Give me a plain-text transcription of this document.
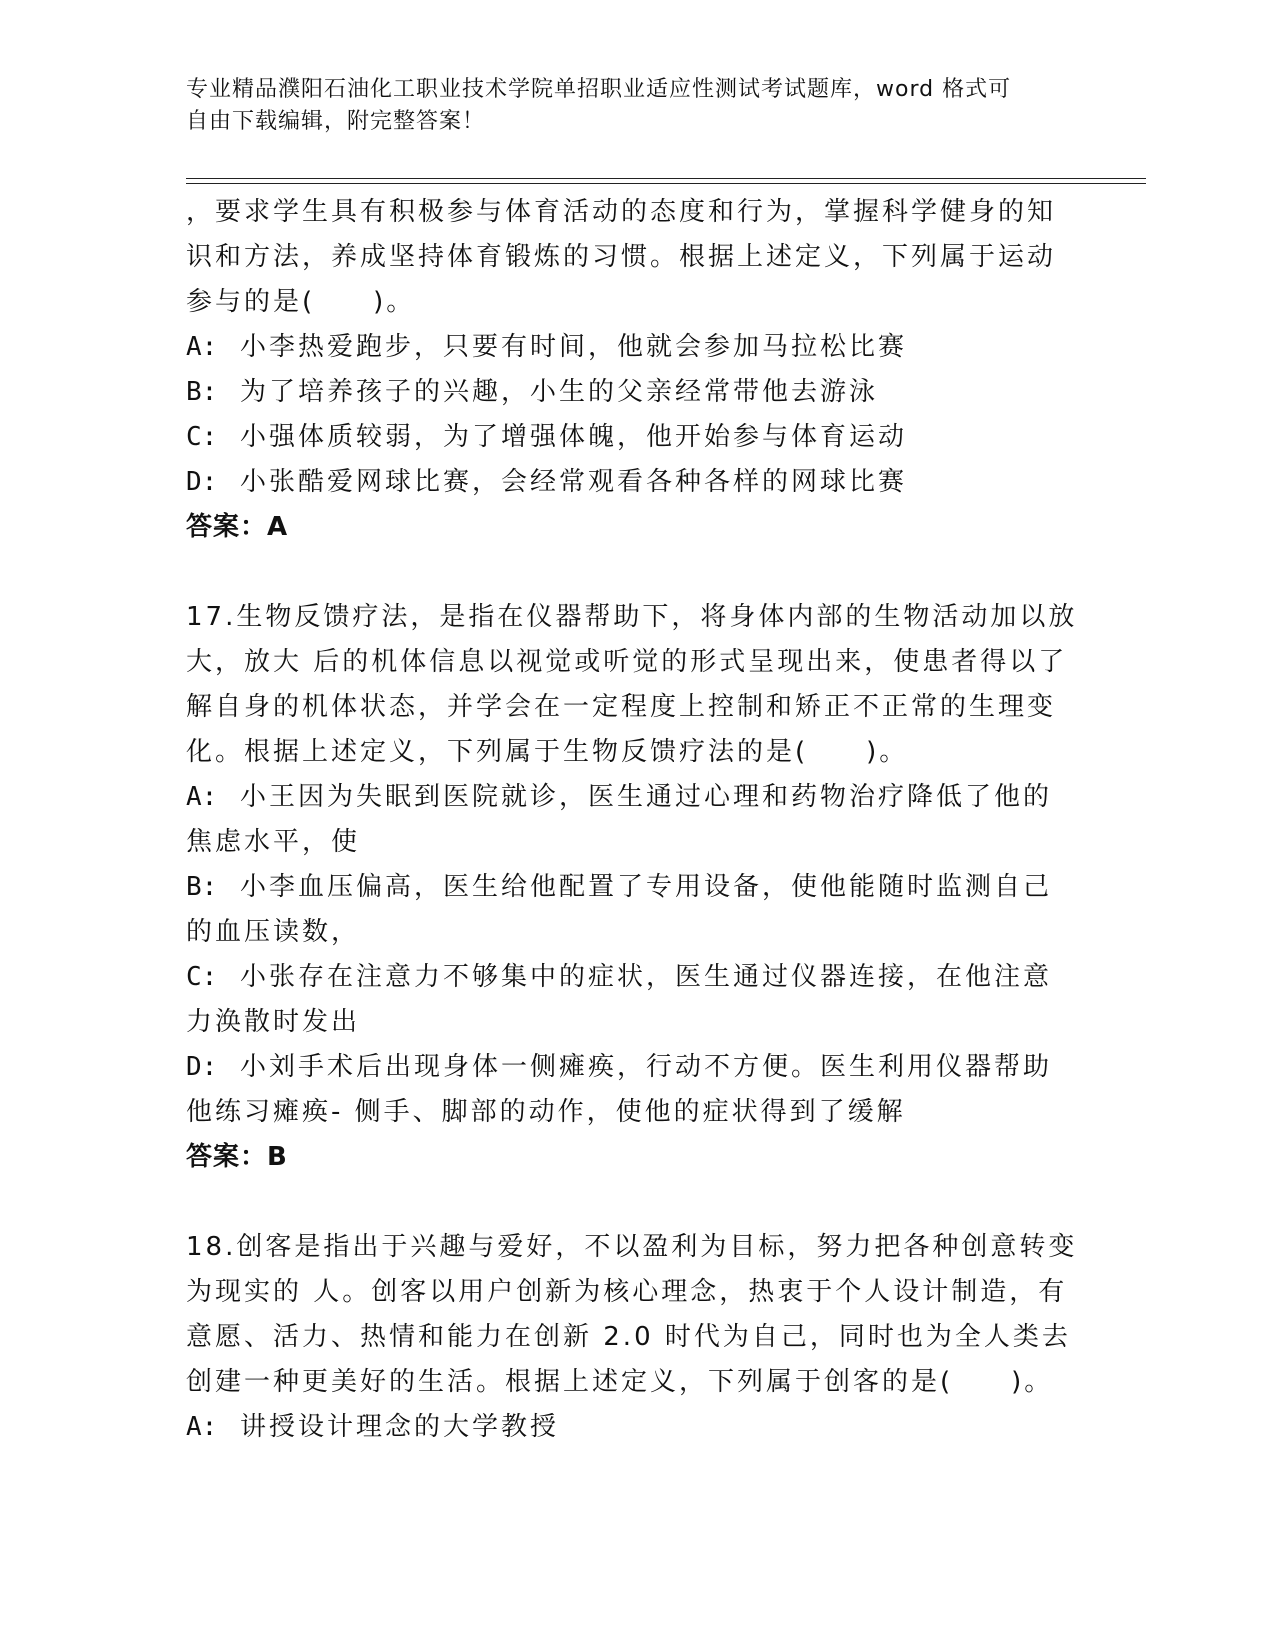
专业精品濮阳石油化工职业技术学院单招职业适应性测试考试题库，word 格式可
自由下载编辑，附完整答案！
，要求学生具有积极参与体育活动的态度和行为，掌握科学健身的知
识和方法，养成坚持体育锻炼的习惯。根据上述定义，下列属于运动
参与的是(　　)。
A: 小李热爱跑步，只要有时间，他就会参加马拉松比赛
B: 为了培养孩子的兴趣，小生的父亲经常带他去游泳
C: 小强体质较弱，为了增强体魄，他开始参与体育运动
D: 小张酷爱网球比赛，会经常观看各种各样的网球比赛
答案：A
17.生物反馈疗法，是指在仪器帮助下，将身体内部的生物活动加以放
大，放大 后的机体信息以视觉或听觉的形式呈现出来，使患者得以了
解自身的机体状态，并学会在一定程度上控制和矫正不正常的生理变
化。根据上述定义，下列属于生物反馈疗法的是(　　)。
A: 小王因为失眠到医院就诊，医生通过心理和药物治疗降低了他的
焦虑水平，使
B: 小李血压偏高，医生给他配置了专用设备，使他能随时监测自己
的血压读数，
C: 小张存在注意力不够集中的症状，医生通过仪器连接，在他注意
力涣散时发出
D: 小刘手术后出现身体一侧瘫痪，行动不方便。医生利用仪器帮助
他练习瘫痪- 侧手、脚部的动作，使他的症状得到了缓解
答案：B
18.创客是指出于兴趣与爱好，不以盈利为目标，努力把各种创意转变
为现实的 人。创客以用户创新为核心理念，热衷于个人设计制造，有
意愿、活力、热情和能力在创新 2.0 时代为自己，同时也为全人类去
创建一种更美好的生活。根据上述定义，下列属于创客的是(　　)。
A: 讲授设计理念的大学教授
